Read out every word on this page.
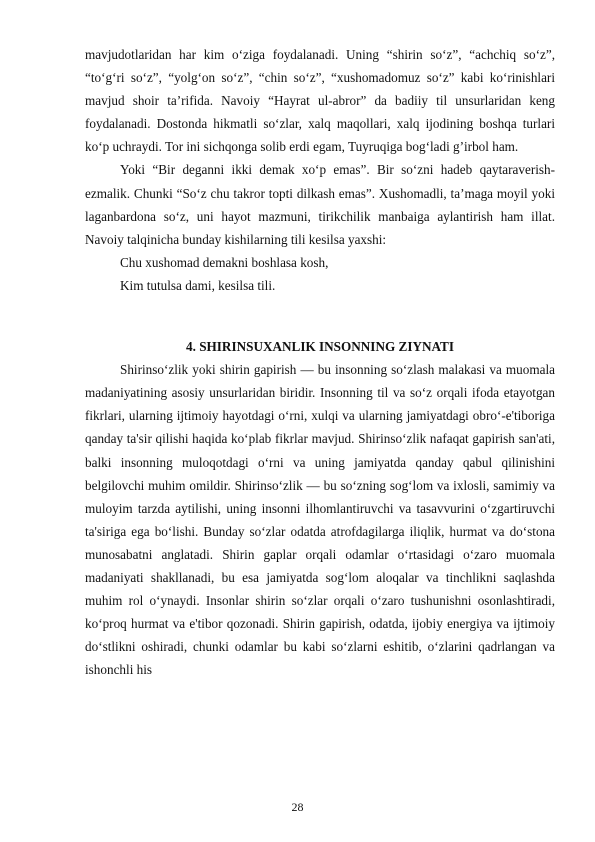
mavjudotlaridan har kim o‘ziga foydalanadi. Uning “shirin so‘z”, “achchiq so‘z”, “to‘g‘ri so‘z”, “yolg‘on so‘z”, “chin so‘z”, “xushomadomuz so‘z” kabi ko‘rinishlari mavjud shoir ta’rifida. Navoiy “Hayrat ul-abror” da badiiy til unsurlaridan keng foydalanadi. Dostonda hikmatli so‘zlar, xalq maqollari, xalq ijodining boshqa turlari ko‘p uchraydi. Tor ini sichqonga solib erdi egam, Tuyruqiga bog‘ladi g’irbol ham.

Yoki “Bir deganni ikki demak xo‘p emas”. Bir so‘zni hadeb qaytaraverish-ezmalik. Chunki “So‘z chu takror topti dilkash emas”. Xushomadli, ta’maga moyil yoki laganbardona so‘z, uni hayot mazmuni, tirikchilik manbaiga aylantirish ham illat. Navoiy talqinicha bunday kishilarning tili kesilsa yaxshi:

Chu xushomad demakni boshlasa kosh,

Kim tutulsa dami, kesilsa tili.

4. SHIRINSUXANLIK INSONNING ZIYNATI

Shirinso‘zlik yoki shirin gapirish — bu insonning so‘zlash malakasi va muomala madaniyatining asosiy unsurlaridan biridir. Insonning til va so‘z orqali ifoda etayotgan fikrlari, ularning ijtimoiy hayotdagi o‘rni, xulqi va ularning jamiyatdagi obro‘-e'tiboriga qanday ta'sir qilishi haqida ko‘plab fikrlar mavjud. Shirinso‘zlik nafaqat gapirish san'ati, balki insonning muloqotdagi o‘rni va uning jamiyatda qanday qabul qilinishini belgilovchi muhim omildir. Shirinso‘zlik — bu so‘zning sog‘lom va ixlosli, samimiy va muloyim tarzda aytilishi, uning insonni ilhomlantiruvchi va tasavvurini o‘zgartiruvchi ta'siriga ega bo‘lishi. Bunday so‘zlar odatda atrofdagilarga iliqlik, hurmat va do‘stona munosabatni anglatadi. Shirin gaplar orqali odamlar o‘rtasidagi o‘zaro muomala madaniyati shakllanadi, bu esa jamiyatda sog‘lom aloqalar va tinchlikni saqlashda muhim rol o‘ynaydi. Insonlar shirin so‘zlar orqali o‘zaro tushunishni osonlashtiradi, ko‘proq hurmat va e'tibor qozonadi. Shirin gapirish, odatda, ijobiy energiya va ijtimoiy do‘stlikni oshiradi, chunki odamlar bu kabi so‘zlarni eshitib, o‘zlarini qadrlangan va ishonchli his

28
